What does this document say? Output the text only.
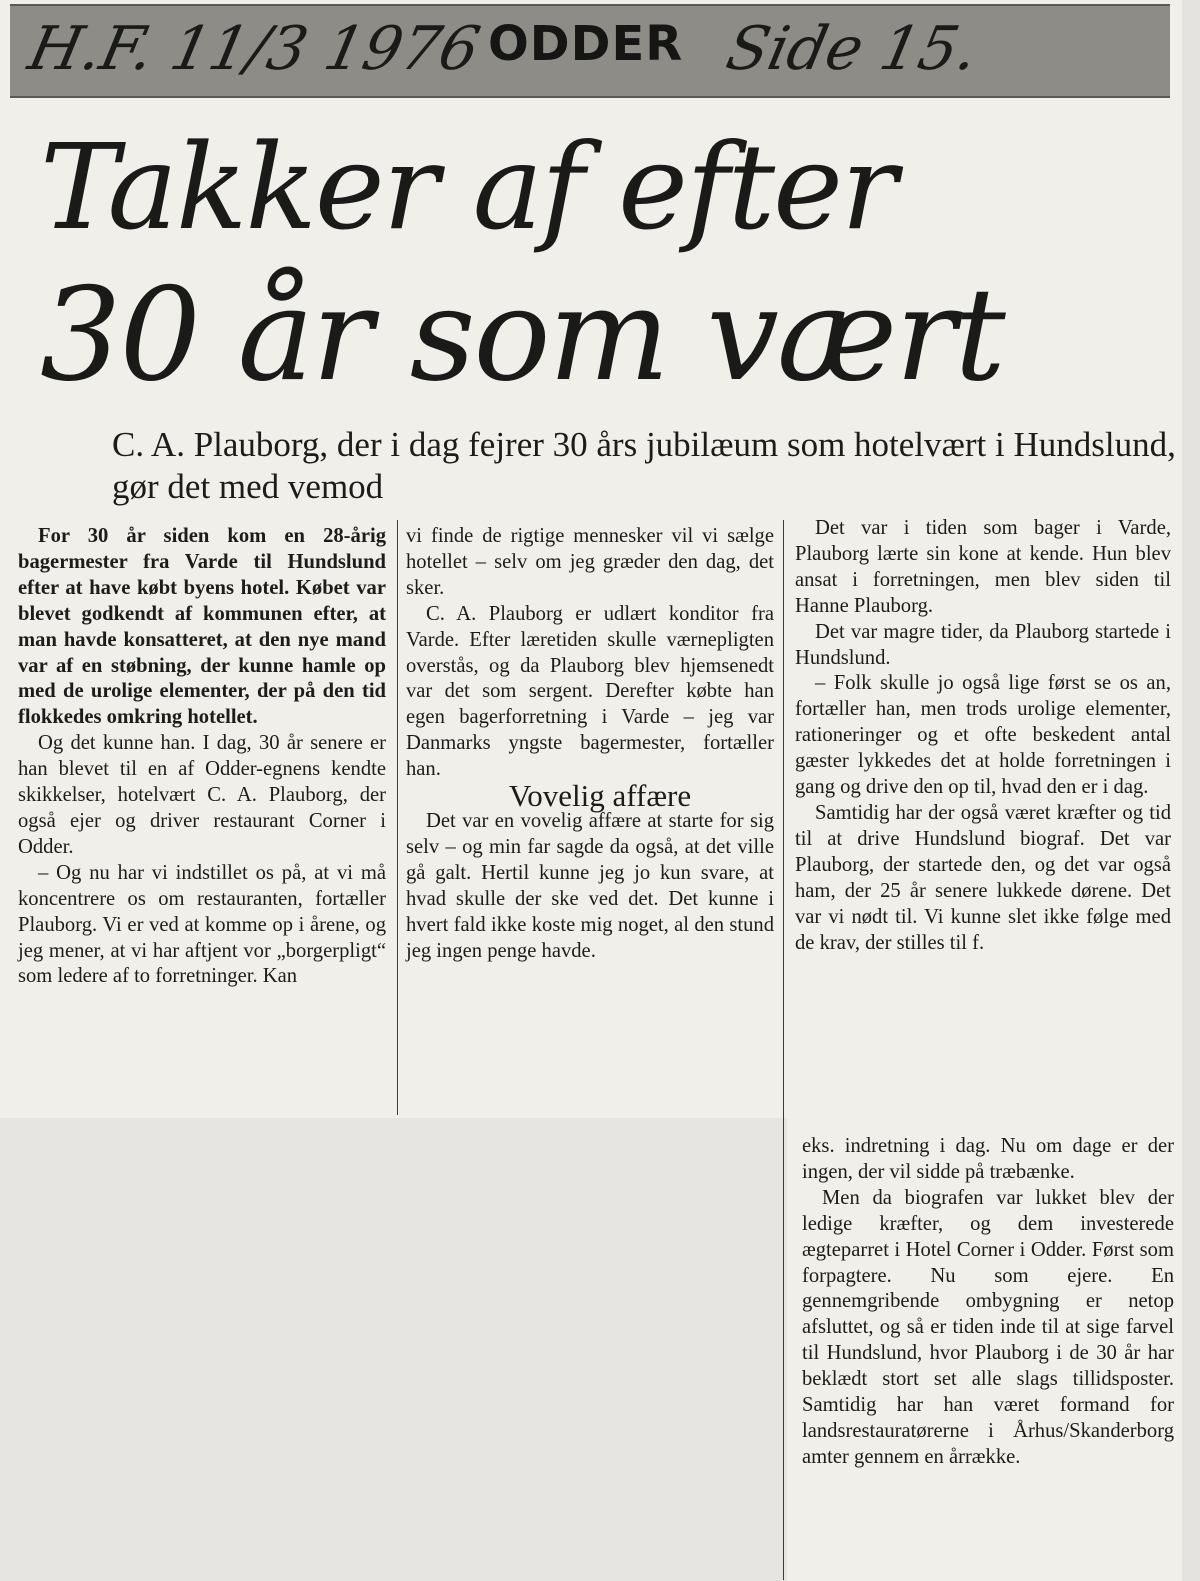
H.F. 11/3 1976 ODDER Side 15.
Takker af efter
30 år som vært

C. A. Plauborg, der i dag fejrer 30 års jubilæum som hotelvært i Hundslund, gør det med vemod

For 30 år siden kom en 28-årig bagermester fra Varde til Hundslund efter at have købt byens hotel. Købet var blevet godkendt af kommunen efter, at man havde konsatteret, at den nye mand var af en støbning, der kunne hamle op med de urolige elementer, der på den tid flokkedes omkring hotellet.

Og det kunne han. I dag, 30 år senere er han blevet til en af Odder-egnens kendte skikkelser, hotelvært C. A. Plauborg, der også ejer og driver restaurant Corner i Odder.

– Og nu har vi indstillet os på, at vi må koncentrere os om restauranten, fortæller Plauborg. Vi er ved at komme op i årene, og jeg mener, at vi har aftjent vor „borgerpligt“ som ledere af to forretninger. Kan

vi finde de rigtige mennesker vil vi sælge hotellet – selv om jeg græder den dag, det sker.

C. A. Plauborg er udlært konditor fra Varde. Efter læretiden skulle værnepligten overstås, og da Plauborg blev hjemsenedt var det som sergent. Derefter købte han egen bagerforretning i Varde – jeg var Danmarks yngste bagermester, fortæller han.

Vovelig affære

Det var en vovelig affære at starte for sig selv – og min far sagde da også, at det ville gå galt. Hertil kunne jeg jo kun svare, at hvad skulle der ske ved det. Det kunne i hvert fald ikke koste mig noget, al den stund jeg ingen penge havde.

Det var i tiden som bager i Varde, Plauborg lærte sin kone at kende. Hun blev ansat i forretningen, men blev siden til Hanne Plauborg.

Det var magre tider, da Plauborg startede i Hundslund.

– Folk skulle jo også lige først se os an, fortæller han, men trods urolige elementer, rationeringer og et ofte beskedent antal gæster lykkedes det at holde forretningen i gang og drive den op til, hvad den er i dag.

Samtidig har der også været kræfter og tid til at drive Hundslund biograf. Det var Plauborg, der startede den, og det var også ham, der 25 år senere lukkede dørene. Det var vi nødt til. Vi kunne slet ikke følge med de krav, der stilles til f.

eks. indretning i dag. Nu om dage er der ingen, der vil sidde på træbænke.

Men da biografen var lukket blev der ledige kræfter, og dem investerede ægteparret i Hotel Corner i Odder. Først som forpagtere. Nu som ejere. En gennemgribende ombygning er netop afsluttet, og så er tiden inde til at sige farvel til Hundslund, hvor Plauborg i de 30 år har beklædt stort set alle slags tillidsposter. Samtidig har han været formand for landsrestauratørerne i Århus/Skanderborg amter gennem en årrække.
